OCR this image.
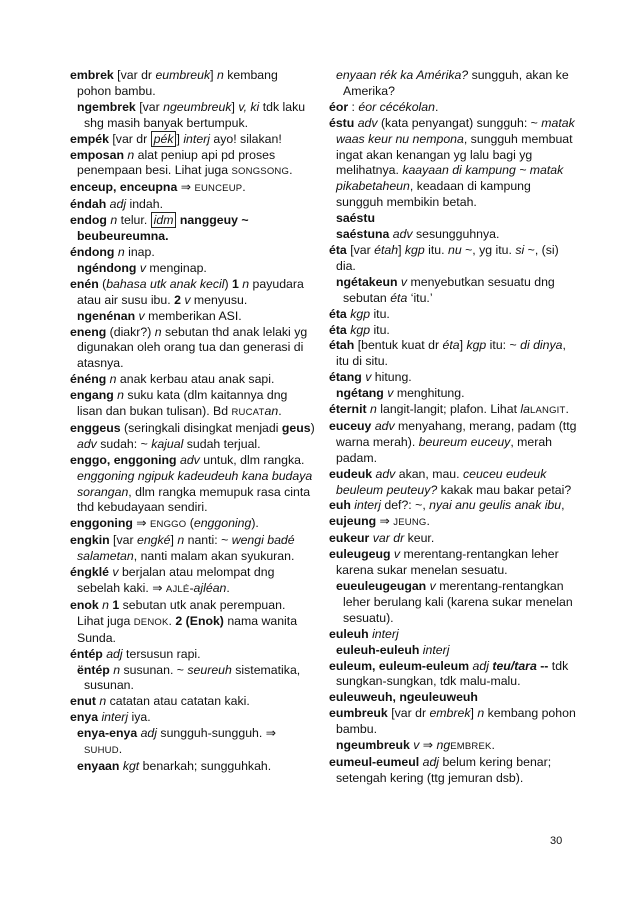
embrek [var dr eumbreuk] n kembang pohon bambu.
ngembrek [var ngeumbreuk] v, ki tdk laku shg masih banyak bertumpuk.
empék [var dr pék ] interj ayo! silakan!
emposan n alat peniup api pd proses penempaan besi. Lihat juga SONGSONG.
enceup, enceupna ⇒ EUNCEUP.
éndah adj indah.
endog n telur. idm nanggeuy ~ beubeureumna.
éndong n inap.
ngéndong v menginap.
enén (bahasa utk anak kecil) 1 n payudara atau air susu ibu. 2 v menyusu.
ngenénan v memberikan ASI.
eneng (diakr?) n sebutan thd anak lelaki yg digunakan oleh orang tua dan generasi di atasnya.
énéng n anak kerbau atau anak sapi.
engang n suku kata (dlm kaitannya dng lisan dan bukan tulisan). Bd RUCATan.
enggeus (seringkali disingkat menjadi geus) adv sudah: ~ kajual sudah terjual.
enggo, enggoning adv untuk, dlm rangka. enggoning ngipuk kadeudeuh kana budaya sorangan, dlm rangka memupuk rasa cinta thd kebudayaan sendiri.
enggoning ⇒ ENGGO (enggoning).
engkin [var engké] n nanti: ~ wengi badé salametan, nanti malam akan syukuran.
éngklé v berjalan atau melompat dng sebelah kaki. ⇒ AJLÉ-ajléan.
enok n 1 sebutan utk anak perempuan. Lihat juga DENOK. 2 (Enok) nama wanita Sunda.
éntép adj tersusun rapi.
ëntép n susunan. ~ seureuh sistematika, susunan.
enut n catatan atau catatan kaki.
enya interj iya.
enya-enya adj sungguh-sungguh. ⇒ SUHUD.
enyaan kgt benarkah; sungguhkah.
enyaan rék ka Amérika? sungguh, akan ke Amerika?
éor : éor cécékolan.
éstu adv (kata penyangat) sungguh: ~ matak waas keur nu nempona, sungguh membuat ingat akan kenangan yg lalu bagi yg melihatnya. kaayaan di kampung ~ matak pikabetaheun, keadaan di kampung sungguh membikin betah.
saéstu
saéstuna adv sesungguhnya.
éta [var étah] kgp itu. nu ~, yg itu. si ~, (si) dia.
ngétakeun v menyebutkan sesuatu dng sebutan éta ‘itu.’
éta kgp itu.
éta kgp itu.
étah [bentuk kuat dr éta] kgp itu: ~ di dinya, itu di situ.
étang v hitung.
ngétang v menghitung.
éternit n langit-langit; plafon. Lihat laLANGIT.
euceuy adv menyahang, merang, padam (ttg warna merah). beureum euceuy, merah padam.
eudeuk adv akan, mau. ceuceu eudeuk beuleum peuteuy? kakak mau bakar petai?
euh interj def?: ~, nyai anu geulis anak ibu,
eujeung ⇒ JEUNG.
eukeur var dr keur.
euleugeug v merentang-rentangkan leher karena sukar menelan sesuatu.
eueuleugeugan v merentang-rentangkan leher berulang kali (karena sukar menelan sesuatu).
euleuh interj
euleuh-euleuh interj
euleum, euleum-euleum adj teu/tara -- tdk sungkan-sungkan, tdk malu-malu.
euleuweuh, ngeuleuweuh
eumbreuk [var dr embrek] n kembang pohon bambu.
ngeumbreuk v ⇒ ngEMBREK.
eumeul-eumeul adj belum kering benar; setengah kering (ttg jemuran dsb).
30
